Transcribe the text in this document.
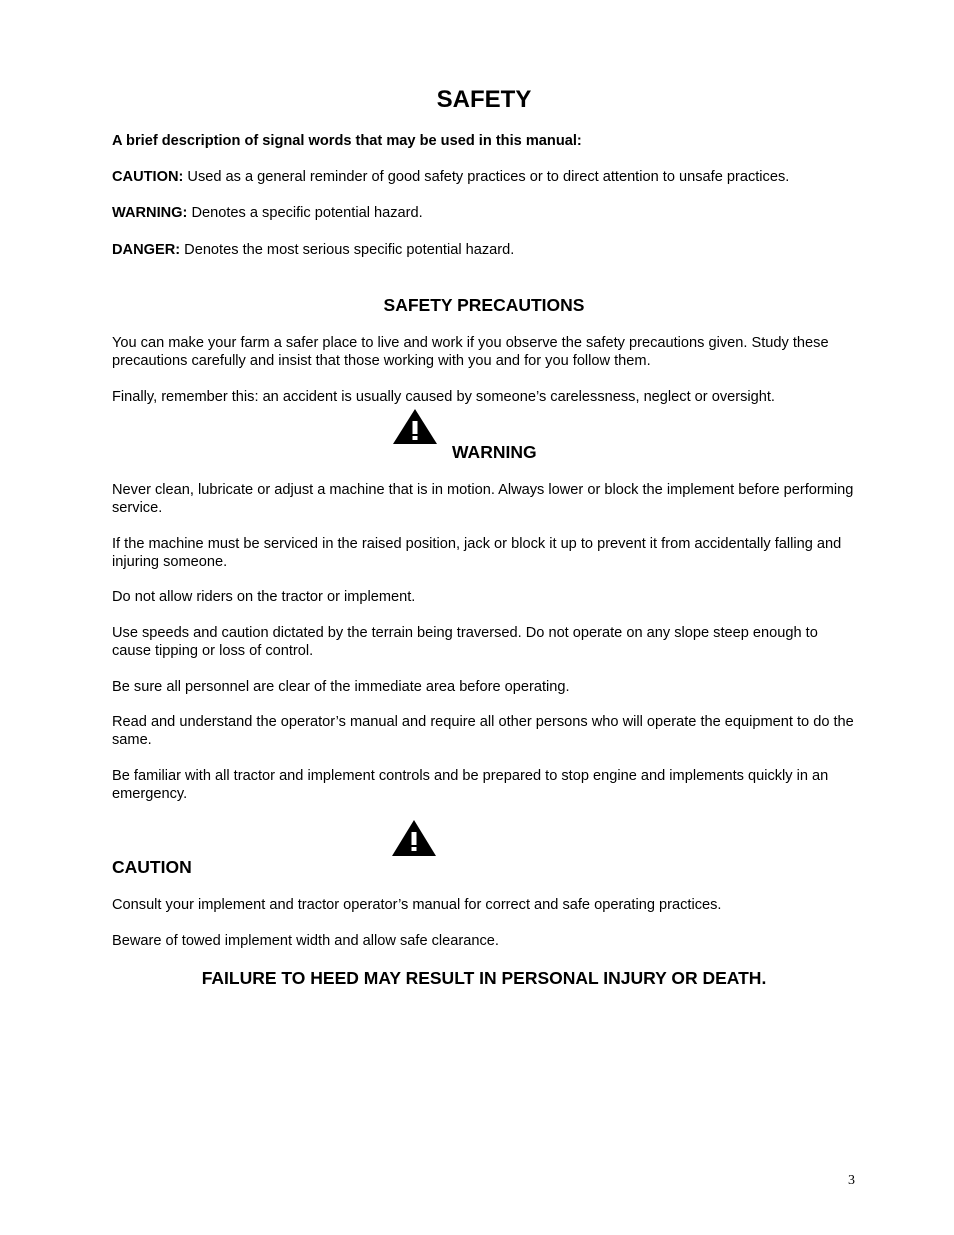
SAFETY

A brief description of signal words that may be used in this manual:

CAUTION: Used as a general reminder of good safety practices or to direct attention to unsafe practices.

WARNING: Denotes a specific potential hazard.

DANGER: Denotes the most serious specific potential hazard.

SAFETY PRECAUTIONS

You can make your farm a safer place to live and work if you observe the safety precautions given. Study these precautions carefully and insist that those working with you and for you follow them.

Finally, remember this: an accident is usually caused by someone’s carelessness, neglect or oversight.

WARNING

Never clean, lubricate or adjust a machine that is in motion. Always lower or block the implement before performing service.

If the machine must be serviced in the raised position, jack or block it up to prevent it from accidentally falling and injuring someone.

Do not allow riders on the tractor or implement.

Use speeds and caution dictated by the terrain being traversed. Do not operate on any slope steep enough to cause tipping or loss of control.

Be sure all personnel are clear of the immediate area before operating.

Read and understand the operator’s manual and require all other persons who will operate the equipment to do the same.

Be familiar with all tractor and implement controls and be prepared to stop engine and implements quickly in an emergency.

CAUTION

Consult your implement and tractor operator’s manual for correct and safe operating practices.

Beware of towed implement width and allow safe clearance.

FAILURE TO HEED MAY RESULT IN PERSONAL INJURY OR DEATH.
3
